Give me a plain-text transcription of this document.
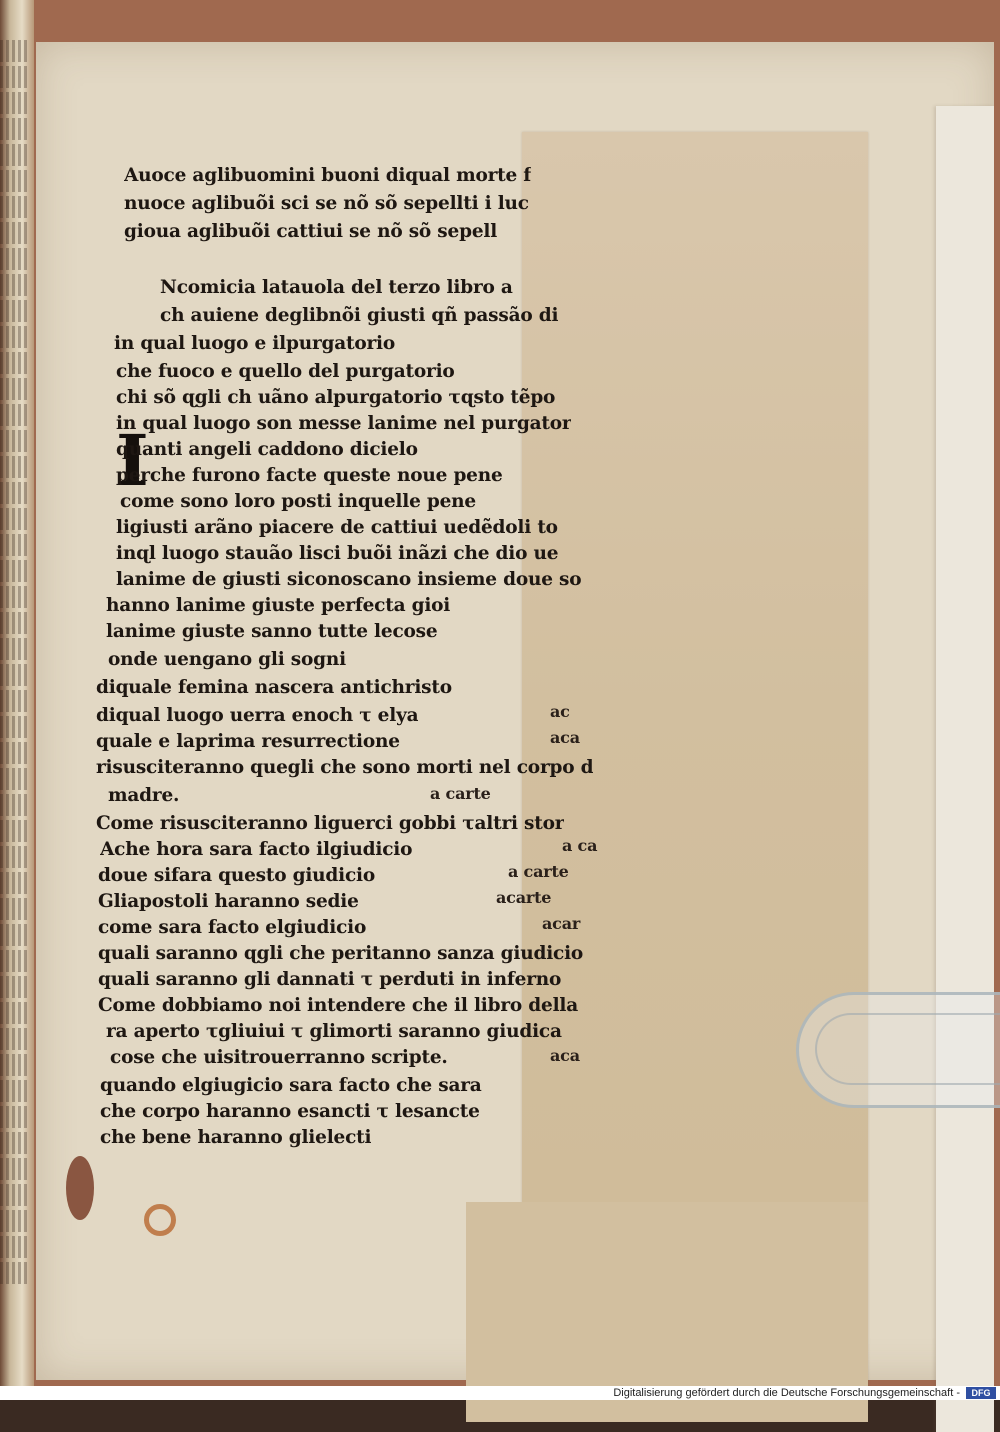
I
Auoce aglibuomini buoni diqual morte f
nuoce aglibuõi sci se nõ sõ sepellti i luc
gioua aglibuõi cattiui se nõ sõ sepell
Ncomicia latauola del terzo libro a
ch auiene deglibnõi giusti qñ passão di
in qual luogo e ilpurgatorio
che fuoco e quello del purgatorio
chi sõ ɋgli ch uãno alpurgatorio τɋsto tẽpo
in qual luogo son messe lanime nel purgator
quanti angeli caddono dicielo
perche furono facte queste noue pene
come sono loro posti inquelle pene
ligiusti arãno piacere de cattiui uedẽdoli to
inɋl luogo stauão lisci buõi inãzi che dio ue
lanime de giusti siconoscano insieme doue so
hanno lanime giuste perfecta gioi
lanime giuste sanno tutte lecose
onde uengano gli sogni
diquale femina nascera antichristo
diqual luogo uerra enoch τ elya
quale e laprima resurrectione
risusciteranno quegli che sono morti nel corpo d
madre.
Come risusciteranno liguerci gobbi τaltri stor
Ache hora sara facto ilgiudicio
doue sifara questo giudicio
Gliapostoli haranno sedie
come sara facto elgiudicio
quali saranno ɋgli che peritanno sanza giudicio
quali saranno gli dannati τ perduti in inferno
Come dobbiamo noi intendere che il libro della
ra aperto τgliuiui τ glimorti saranno giudica
cose che uisitrouerranno scripte.
quando elgiugicio sara facto che sara
che corpo haranno esancti τ lesancte
che bene haranno glielecti
ac
aca
a carte
a ca
a carte
acarte
acar
aca
Digitalisierung gefördert durch die Deutsche Forschungsgemeinschaft -	DFG
